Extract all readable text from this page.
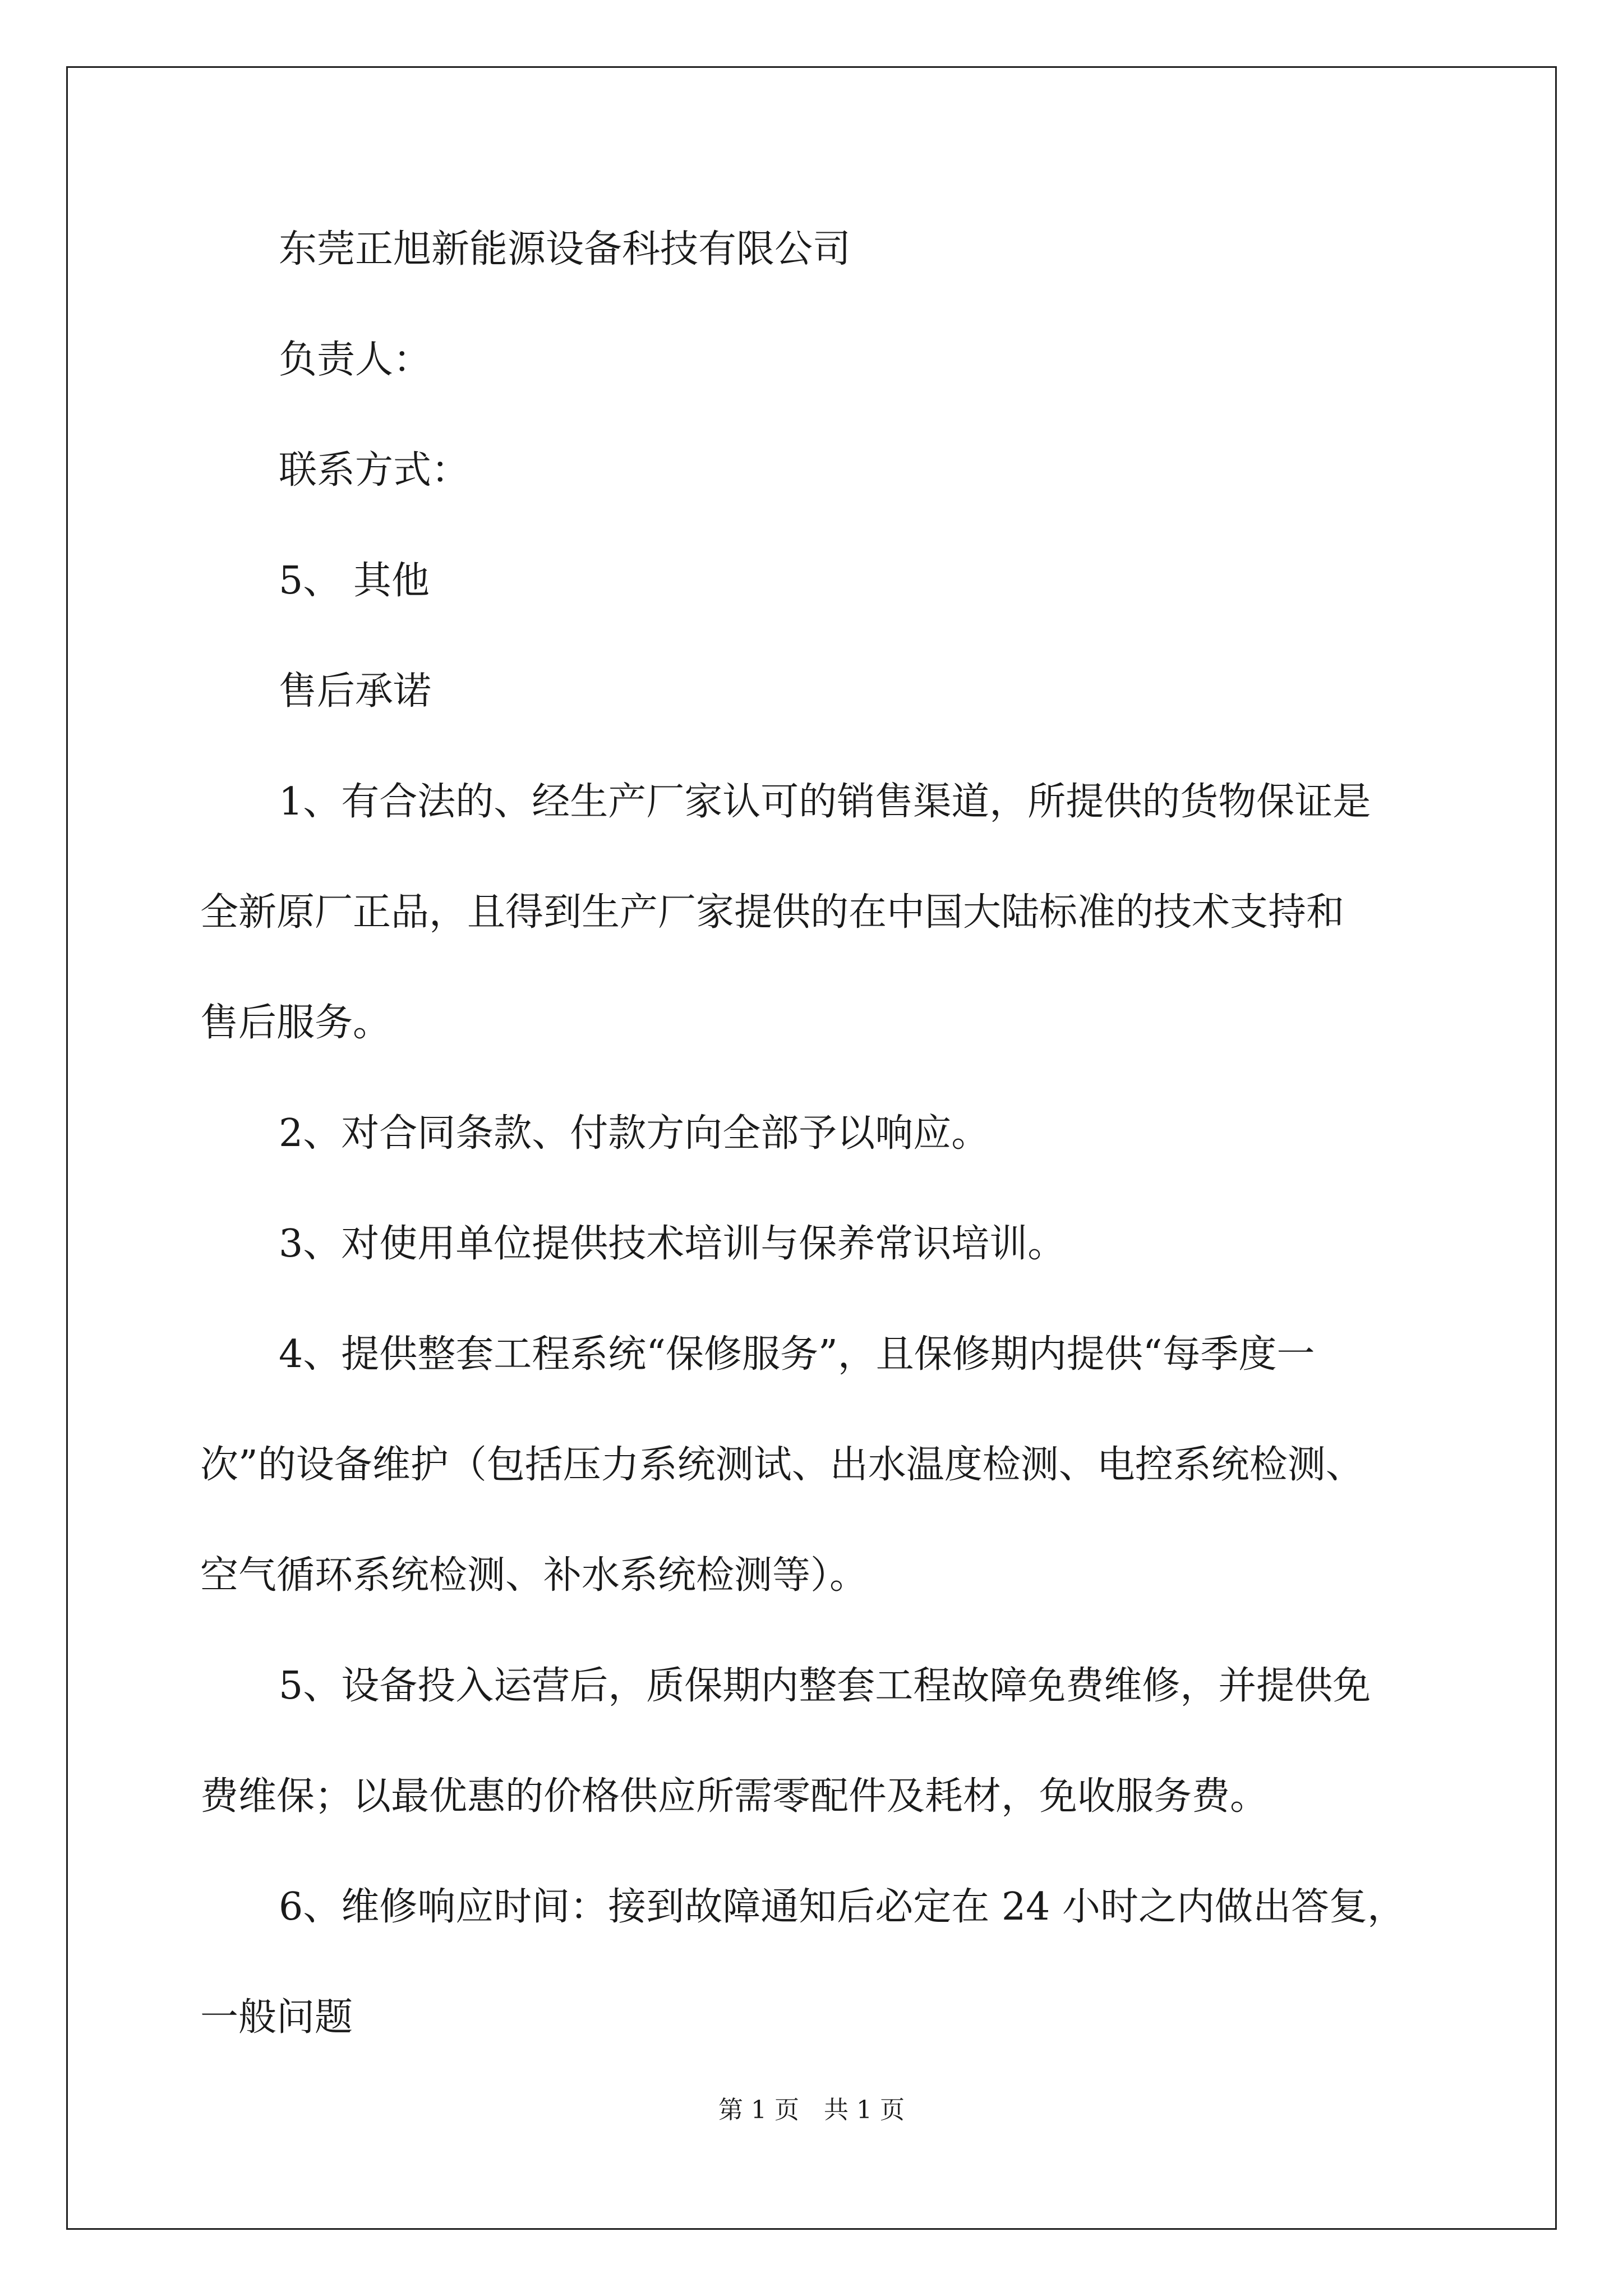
东莞正旭新能源设备科技有限公司
负责人：
联系方式：
5、 其他
售后承诺
1、有合法的、经生产厂家认可的销售渠道，所提供的货物保证是
全新原厂正品，且得到生产厂家提供的在中国大陆标准的技术支持和
售后服务。
2、对合同条款、付款方向全部予以响应。
3、对使用单位提供技术培训与保养常识培训。
4、提供整套工程系统“保修服务”，且保修期内提供“每季度一
次”的设备维护（包括压力系统测试、出水温度检测、电控系统检测、
空气循环系统检测、补水系统检测等）。
5、设备投入运营后，质保期内整套工程故障免费维修，并提供免
费维保；以最优惠的价格供应所需零配件及耗材，免收服务费。
6、维修响应时间：接到故障通知后必定在 24 小时之内做出答复，
一般问题
第 1 页　共 1 页
